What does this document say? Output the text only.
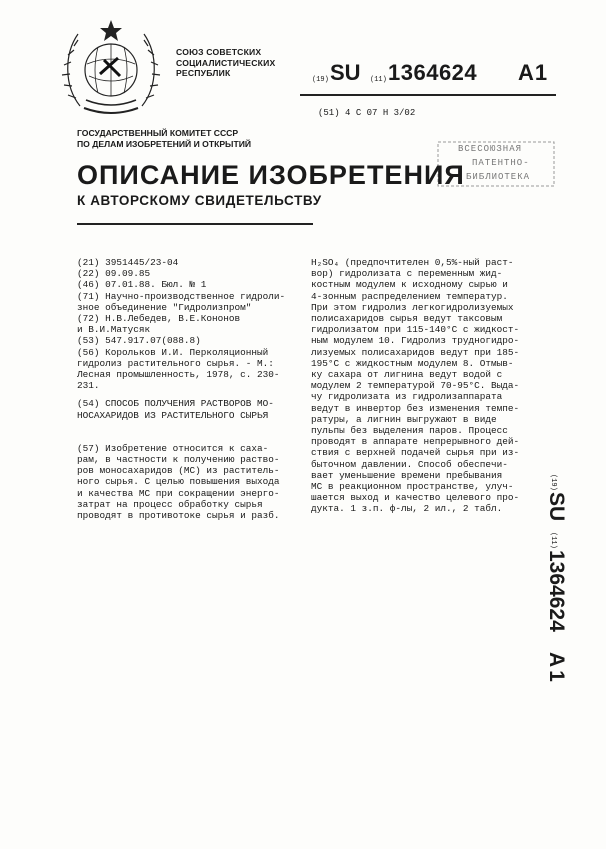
СОЮЗ СОВЕТСКИХ
СОЦИАЛИСТИЧЕСКИХ
РЕСПУБЛИК
(19) SU (11) 1364624 A1
(51) 4 С 07 Н 3/02
ГОСУДАРСТВЕННЫЙ КОМИТЕТ СССР
ПО ДЕЛАМ ИЗОБРЕТЕНИЙ И ОТКРЫТИЙ	ВСЕСОЮЗНАЯ
ПАТЕНТНО-
БИБЛИОТЕКА
ОПИСАНИЕ ИЗОБРЕТЕНИЯ
К АВТОРСКОМУ СВИДЕТЕЛЬСТВУ

(21) 3951445/23-04

(22) 09.09.85

(46) 07.01.88. Бюл. № 1

(71) Научно-производственное гидроли-

зное объединение "Гидролизпром"

(72) Н.В.Лебедев, В.Е.Кононов

и В.И.Матусяк

(53) 547.917.07(088.8)

(56) Корольков И.И. Перколяционный

гидролиз растительного сырья. - М.:

Лесная промышленность, 1978, с. 230-

231.

(54) СПОСОБ ПОЛУЧЕНИЯ РАСТВОРОВ МО-

НОСАХАРИДОВ ИЗ РАСТИТЕЛЬНОГО СЫРЬЯ

(57) Изобретение относится к саха-

рам, в частности к получению раство-

ров моносахаридов (МС) из раститель-

ного сырья. С целью повышения выхода

и качества МС при сокращении энерго-

затрат на процесс обработку сырья

проводят в противотоке сырья и разб.

H₂SO₄ (предпочтителен 0,5%-ный раст-

вор) гидролизата с переменным жид-

костным модулем к исходному сырью и

4-зонным распределением температур.

При этом гидролиз легкогидролизуемых

полисахаридов сырья ведут таксовым

гидролизатом при 115-140°С с жидкост-

ным модулем 10. Гидролиз трудногидро-

лизуемых полисахаридов ведут при 185-

195°С с жидкостным модулем 8. Отмыв-

ку сахара от лигнина ведут водой с

модулем 2 температурой 70-95°С. Выда-

чу гидролизата из гидролизаппарата

ведут в инвертор без изменения темпе-

ратуры, а лигнин выгружают в виде

пульпы без выделения паров. Процесс

проводят в аппарате непрерывного дей-

ствия с верхней подачей сырья при из-

быточном давлении. Способ обеспечи-

вает уменьшение времени пребывания

МС в реакционном пространстве, улуч-

шается выход и качество целевого про-

дукта. 1 з.п. ф-лы, 2 ил., 2 табл.

(19)
SU
(11)
1364624
A1
